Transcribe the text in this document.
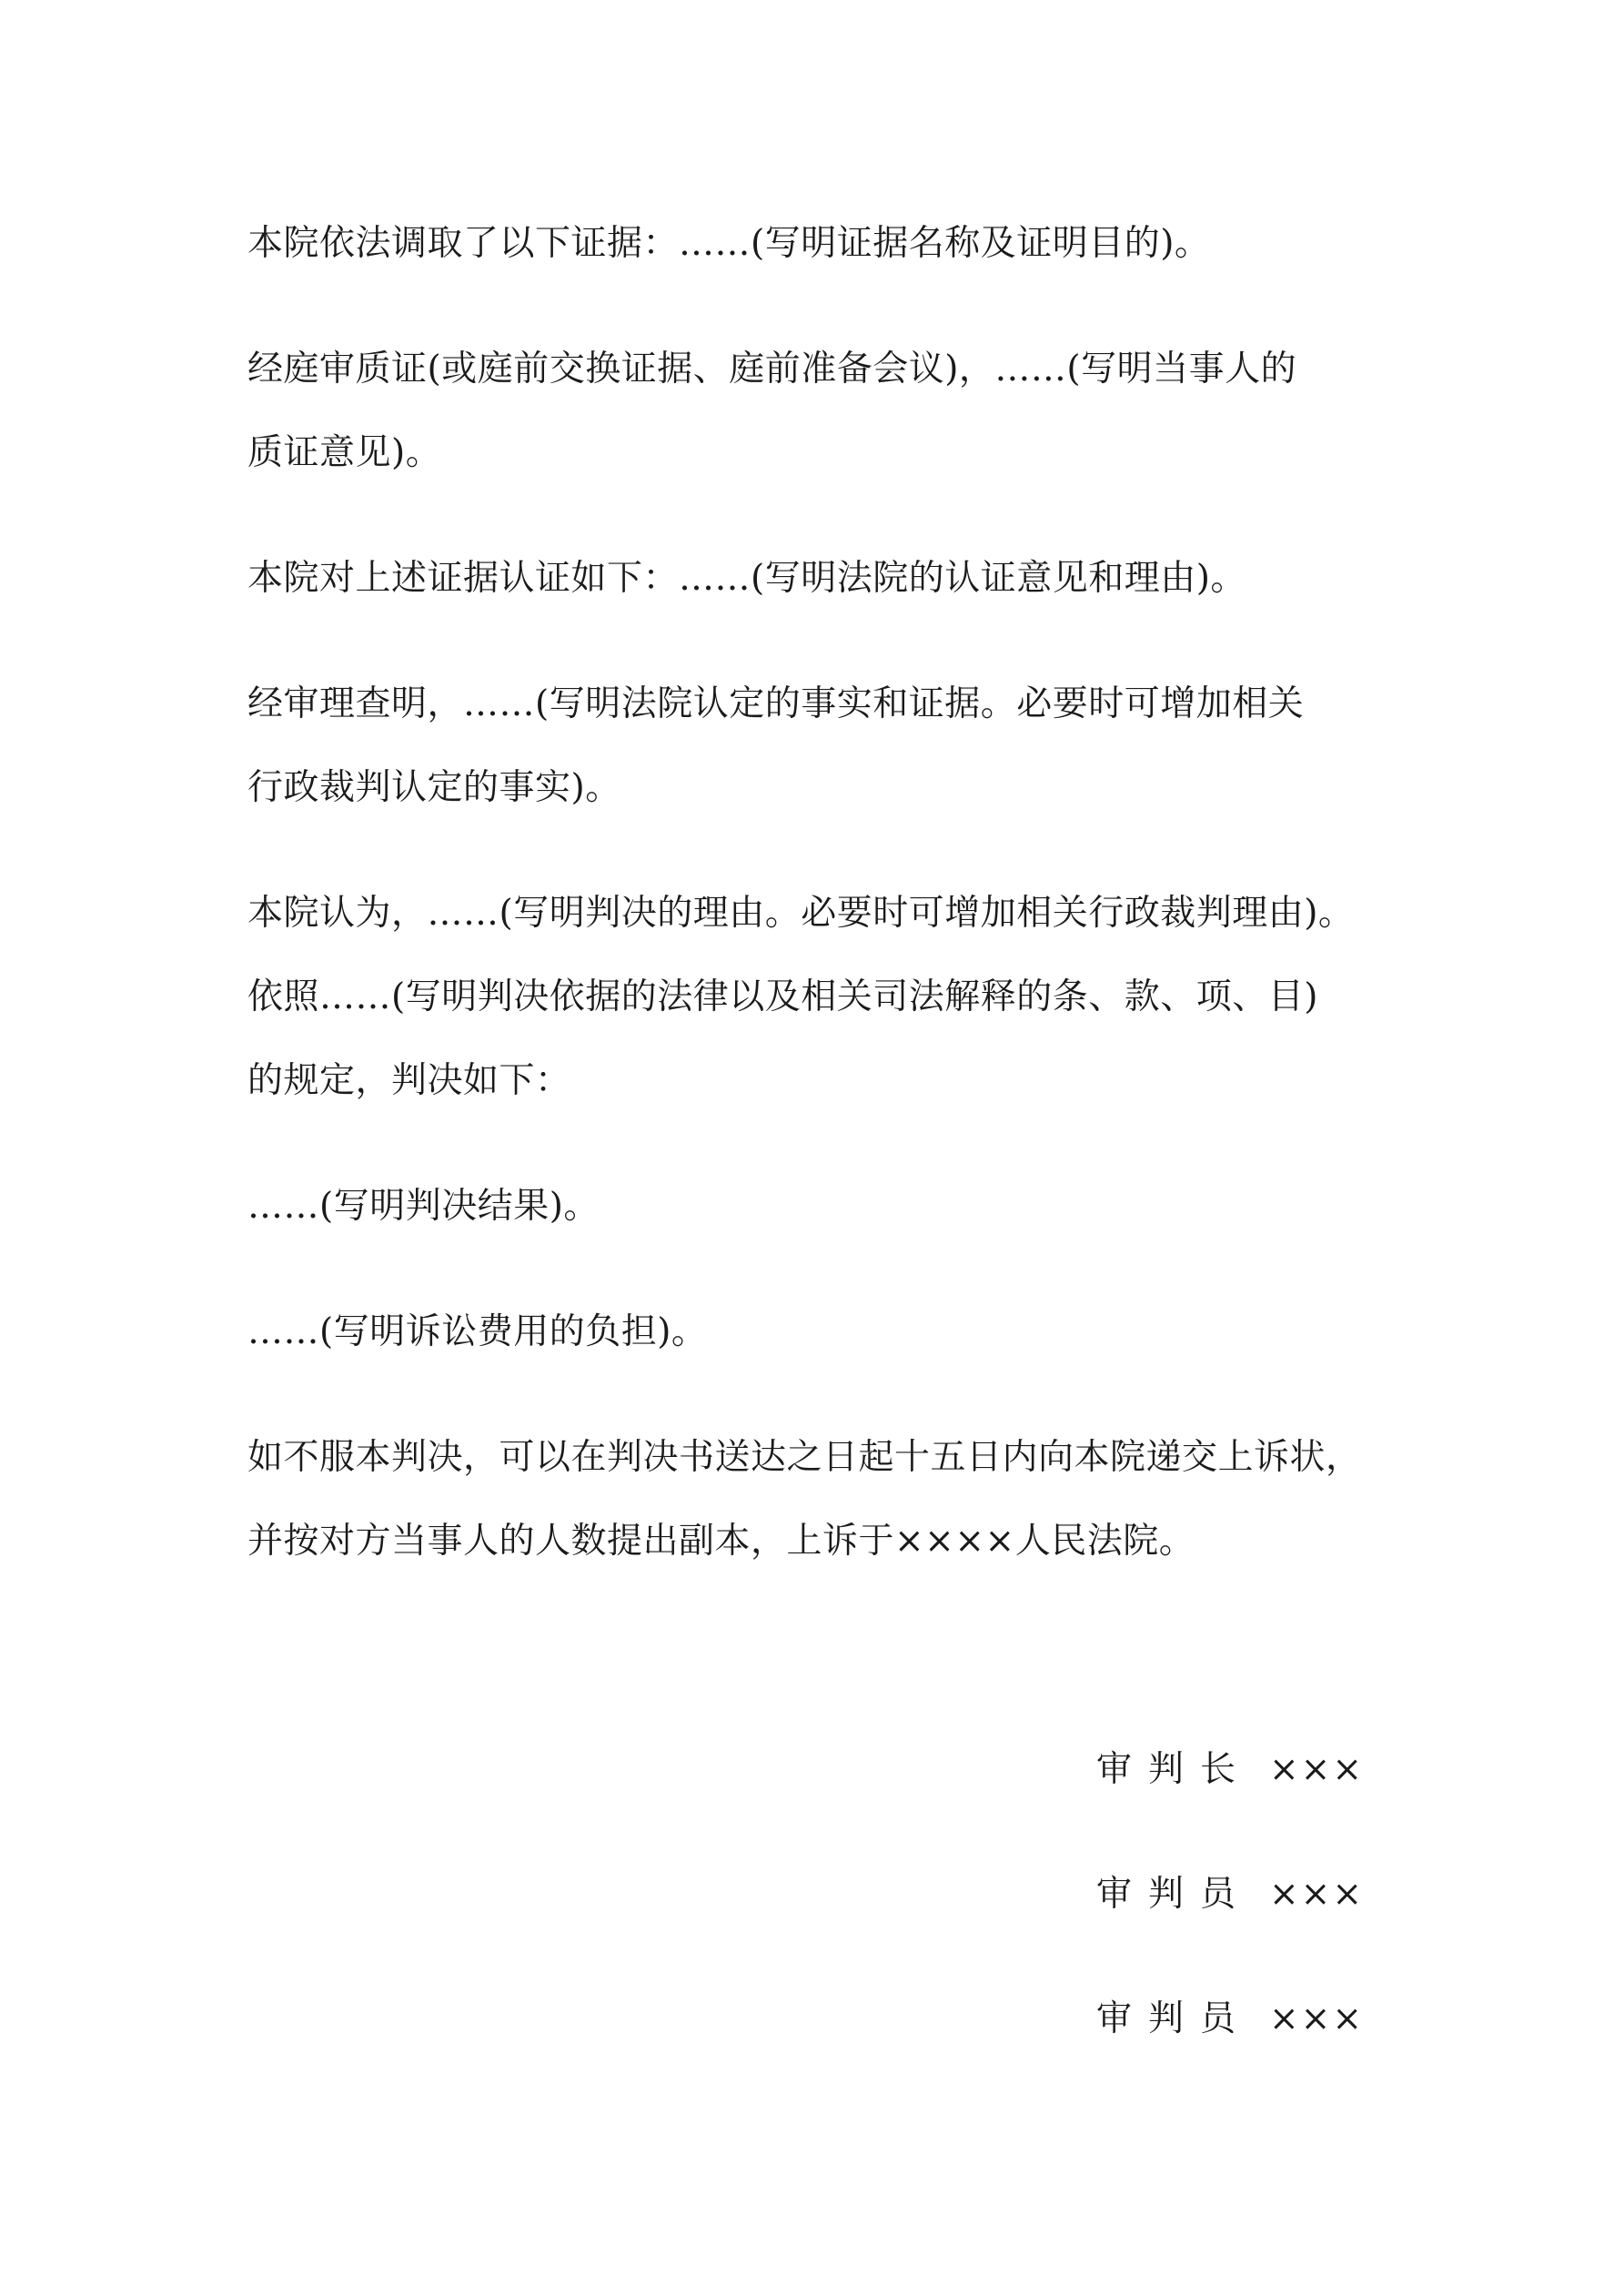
本院依法调取了以下证据：……(写明证据名称及证明目的)。

经庭审质证(或庭前交换证据、庭前准备会议)，……(写明当事人的
质证意见)。

本院对上述证据认证如下：……(写明法院的认证意见和理由)。

经审理查明，……(写明法院认定的事实和证据。必要时可增加相关
行政裁判认定的事实)。

本院认为，……(写明判决的理由。必要时可增加相关行政裁判理由)。
依照……(写明判决依据的法律以及相关司法解释的条、款、项、目)
的规定，判决如下：

……(写明判决结果)。

……(写明诉讼费用的负担)。

如不服本判决，可以在判决书送达之日起十五日内向本院递交上诉状，
并按对方当事人的人数提出副本，上诉于××××人民法院。

审判长 ×××
审判员 ×××
审判员 ×××
